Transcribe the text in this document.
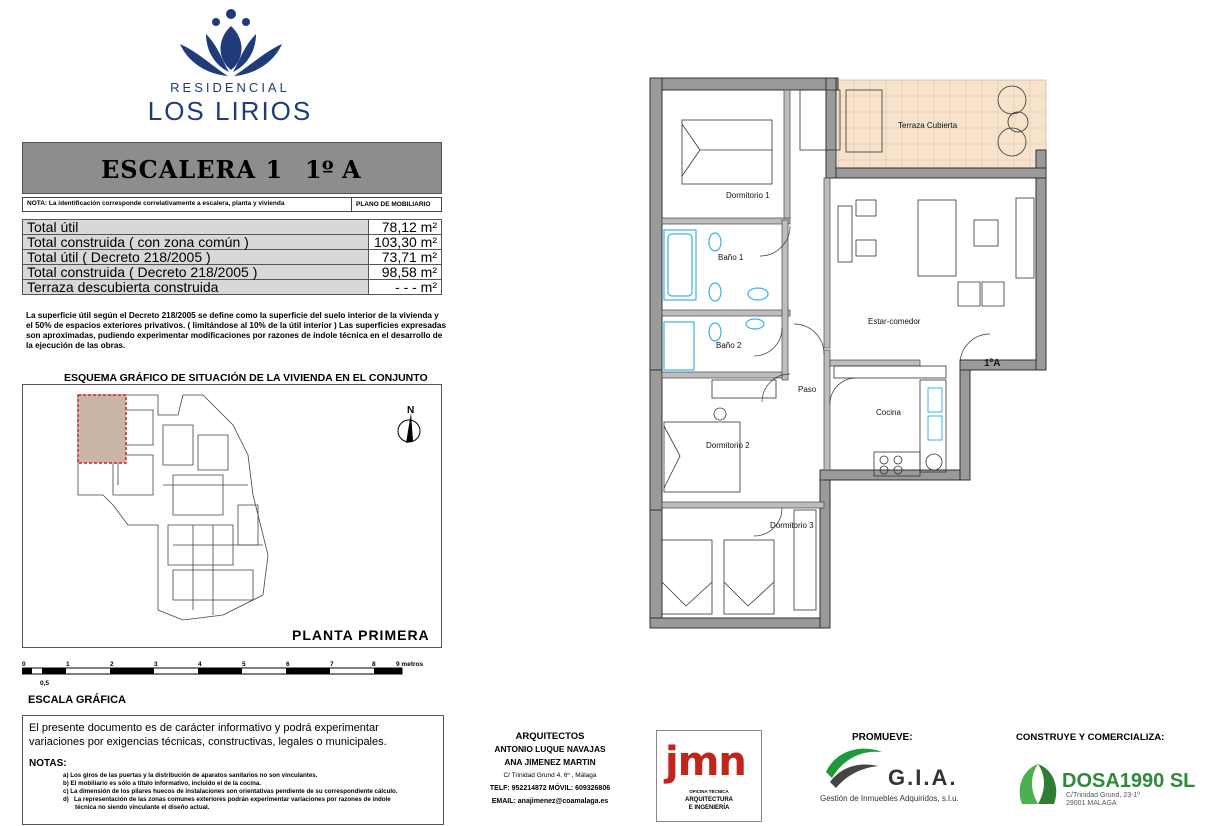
RESIDENCIAL
LOS LIRIOS
ESCALERA 1 1º A
NOTA: La identificación corresponde correlativamente a escalera, planta y vivienda	PLANO DE MOBILIARIO
Total útil	78,12 m²
Total construida ( con zona común )	103,30 m²
Total útil ( Decreto 218/2005 )	73,71 m²
Total construida ( Decreto 218/2005 )	98,58 m²
Terraza descubierta construida	- - - m²
La superficie útil según el Decreto 218/2005 se define como la superficie del suelo interior de la vivienda y el 50% de espacios exteriores privativos. ( limitándose al 10% de la útil interior ) Las superficies expresadas son aproximadas, pudiendo experimentar modificaciones por razones de índole técnica en el desarrollo de la ejecución de las obras.
ESQUEMA GRÁFICO DE SITUACIÓN DE LA VIVIENDA EN EL CONJUNTO
N
PLANTA PRIMERA
0
0,5
1	2	3	4	5	6	7	8	9 metros
ESCALA GRÁFICA
El presente documento es de carácter informativo y podrá experimentar variaciones por exigencias técnicas, constructivas, legales o municipales.
NOTAS:
a) Los giros de las puertas y la distribución de aparatos sanitarios no son vinculantes.
b) El mobiliario es sólo a título informativo, incluido el de la cocina.
c) La dimensión de los pilares huecos de instalaciones son orientativas pendiente de su correspondiente cálculo.
d)   La representación de las zonas comunes exteriores podrán experimentar variaciones por razones de índole
técnica no siendo vinculante el diseño actual.
ARQUITECTOS
ANTONIO LUQUE NAVAJAS
ANA JIMENEZ MARTIN
C/ Trinidad Grund 4, 6º , Málaga
TELF: 952214872 MÓVIL: 609326806
EMAIL: anajimenez@coamalaga.es
jmn
OFICINA TÉCNICA
ARQUITECTURA
E INGENIERÍA
PROMUEVE:
G.I.A.
Gestión de Inmuebles Adquiridos, s.l.u.
CONSTRUYE Y COMERCIALIZA:
DOSA1990 SL
C/Trinidad Grund, 23-1º
29001 MALAGA
Terraza Cubierta
Dormitorio 1
Baño 1
Baño 2
Estar-comedor
Paso
Cocina
Dormitorio 2
Dormitorio 3
1ºA
